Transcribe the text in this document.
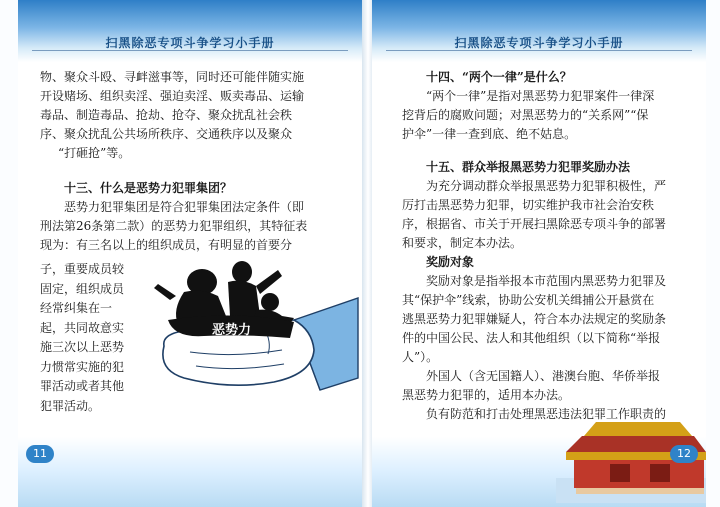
扫黑除恶专项斗争学习小手册

物、聚众斗殴、寻衅滋事等，同时还可能伴随实施

开设赌场、组织卖淫、强迫卖淫、贩卖毒品、运输

毒品、制造毒品、抢劫、抢夺、聚众扰乱社会秩

序、聚众扰乱公共场所秩序、交通秩序以及聚众

“打砸抢”等。

十三、什么是恶势力犯罪集团？

恶势力犯罪集团是符合犯罪集团法定条件（即

刑法第26条第二款）的恶势力犯罪组织，其特征表

现为：有三名以上的组织成员，有明显的首要分

子，重要成员较
固定，组织成员
经常纠集在一
起，共同故意实
施三次以上恶势
力惯常实施的犯
罪活动或者其他
犯罪活动。
恶势力
11
扫黑除恶专项斗争学习小手册

十四、“两个一律”是什么？

“两个一律”是指对黑恶势力犯罪案件一律深

挖背后的腐败问题；对黑恶势力的“关系网”“保

护伞”一律一查到底、绝不姑息。

十五、群众举报黑恶势力犯罪奖励办法

为充分调动群众举报黑恶势力犯罪积极性，严

厉打击黑恶势力犯罪，切实维护我市社会治安秩

序，根据省、市关于开展扫黑除恶专项斗争的部署

和要求，制定本办法。

奖励对象

奖励对象是指举报本市范围内黑恶势力犯罪及

其“保护伞”线索，协助公安机关缉捕公开悬赏在

逃黑恶势力犯罪嫌疑人，符合本办法规定的奖励条

件的中国公民、法人和其他组织（以下简称“举报

人”）。

外国人（含无国籍人）、港澳台胞、华侨举报

黑恶势力犯罪的，适用本办法。

负有防范和打击处理黑恶违法犯罪工作职责的

12
